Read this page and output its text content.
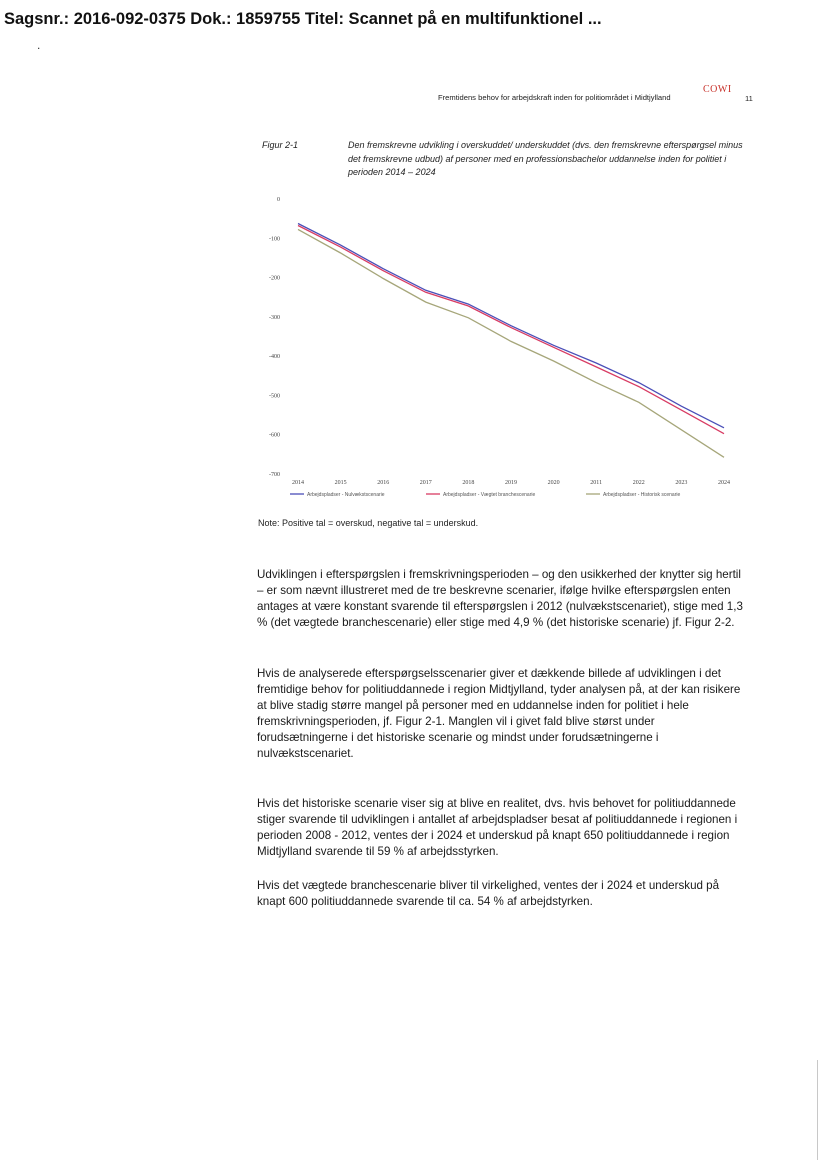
Sagsnr.: 2016-092-0375 Dok.: 1859755 Titel: Scannet på en multifunktionel ...
.
COWI
Fremtidens behov for arbejdskraft inden for politiområdet i Midtjylland	11
Figur 2-1	Den fremskrevne udvikling i overskuddet/ underskuddet (dvs. den fremskrevne efterspørgsel minus det fremskrevne udbud) af personer med en professionsbachelor uddannelse inden for politiet i perioden 2014 – 2024
0
-100
-200
-300
-400
-500
-600
-700
2014	2015	2016	2017	2018	2019	2020	2011	2022	2023	2024
Arbejdspladser - Nulvækstscenarie	Arbejdspladser - Vægtet branchescenarie	Arbejdspladser - Historisk scenarie
Note: Positive tal = overskud, negative tal = underskud.

Udviklingen i efterspørgslen i fremskrivningsperioden – og den usikkerhed der knytter sig hertil – er som nævnt illustreret med de tre beskrevne scenarier, ifølge hvilke efterspørgslen enten antages at være konstant svarende til efterspørgslen i 2012 (nulvækstscenariet), stige med 1,3 % (det vægtede branchescenarie) eller stige med 4,9 % (det historiske scenarie) jf. Figur 2-2.

Hvis de analyserede efterspørgselsscenarier giver et dækkende billede af udviklingen i det fremtidige behov for politiuddannede i region Midtjylland, tyder analysen på, at der kan risikere at blive stadig større mangel på personer med en uddannelse inden for politiet i hele fremskrivningsperioden, jf. Figur 2-1. Manglen vil i givet fald blive størst under forudsætningerne i det historiske scenarie og mindst under forudsætningerne i nulvækstscenariet.

Hvis det historiske scenarie viser sig at blive en realitet, dvs. hvis behovet for politiuddannede stiger svarende til udviklingen i antallet af arbejdspladser besat af politiuddannede i regionen i perioden 2008 - 2012, ventes der i 2024 et underskud på knapt 650 politiuddannede i region Midtjylland svarende til 59 % af arbejdsstyrken.

Hvis det vægtede branchescenarie bliver til virkelighed, ventes der i 2024 et underskud på knapt 600 politiuddannede svarende til ca. 54 % af arbejdstyrken.
